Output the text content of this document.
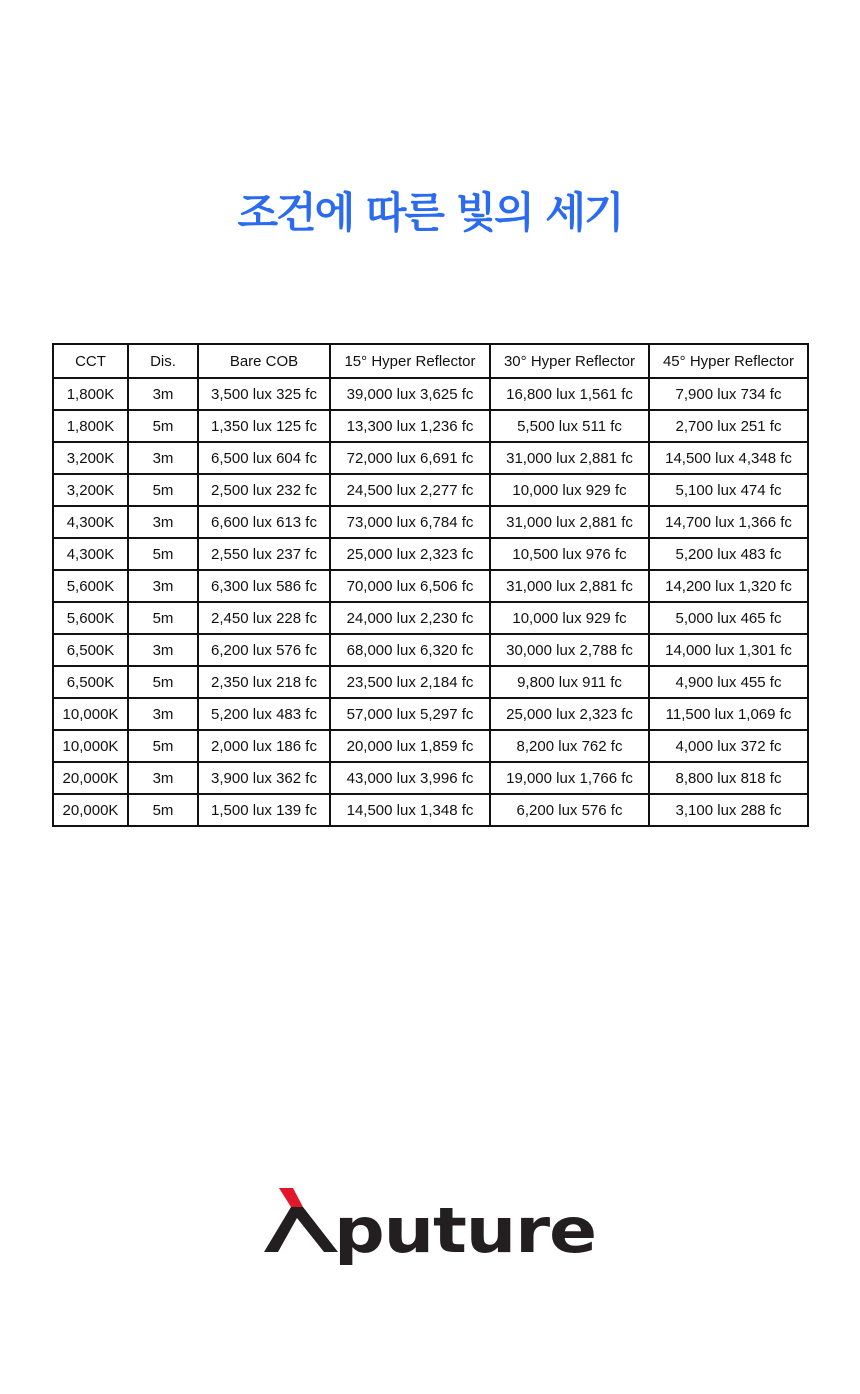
조건에 따른 빛의 세기
CCT	Dis.	Bare COB	15° Hyper Reflector	30° Hyper Reflector	45° Hyper Reflector
1,800K	3m	3,500 lux 325 fc	39,000 lux 3,625 fc	16,800 lux 1,561 fc	7,900 lux 734 fc
1,800K	5m	1,350 lux 125 fc	13,300 lux 1,236 fc	5,500 lux 511 fc	2,700 lux 251 fc
3,200K	3m	6,500 lux 604 fc	72,000 lux 6,691 fc	31,000 lux 2,881 fc	14,500 lux 4,348 fc
3,200K	5m	2,500 lux 232 fc	24,500 lux 2,277 fc	10,000 lux 929 fc	5,100 lux 474 fc
4,300K	3m	6,600 lux 613 fc	73,000 lux 6,784 fc	31,000 lux 2,881 fc	14,700 lux 1,366 fc
4,300K	5m	2,550 lux 237 fc	25,000 lux 2,323 fc	10,500 lux 976 fc	5,200 lux 483 fc
5,600K	3m	6,300 lux 586 fc	70,000 lux 6,506 fc	31,000 lux 2,881 fc	14,200 lux 1,320 fc
5,600K	5m	2,450 lux 228 fc	24,000 lux 2,230 fc	10,000 lux 929 fc	5,000 lux 465 fc
6,500K	3m	6,200 lux 576 fc	68,000 lux 6,320 fc	30,000 lux 2,788 fc	14,000 lux 1,301 fc
6,500K	5m	2,350 lux 218 fc	23,500 lux 2,184 fc	9,800 lux 911 fc	4,900 lux 455 fc
10,000K	3m	5,200 lux 483 fc	57,000 lux 5,297 fc	25,000 lux 2,323 fc	11,500 lux 1,069 fc
10,000K	5m	2,000 lux 186 fc	20,000 lux 1,859 fc	8,200 lux 762 fc	4,000 lux 372 fc
20,000K	3m	3,900 lux 362 fc	43,000 lux 3,996 fc	19,000 lux 1,766 fc	8,800 lux 818 fc
20,000K	5m	1,500 lux 139 fc	14,500 lux 1,348 fc	6,200 lux 576 fc	3,100 lux 288 fc
puture
